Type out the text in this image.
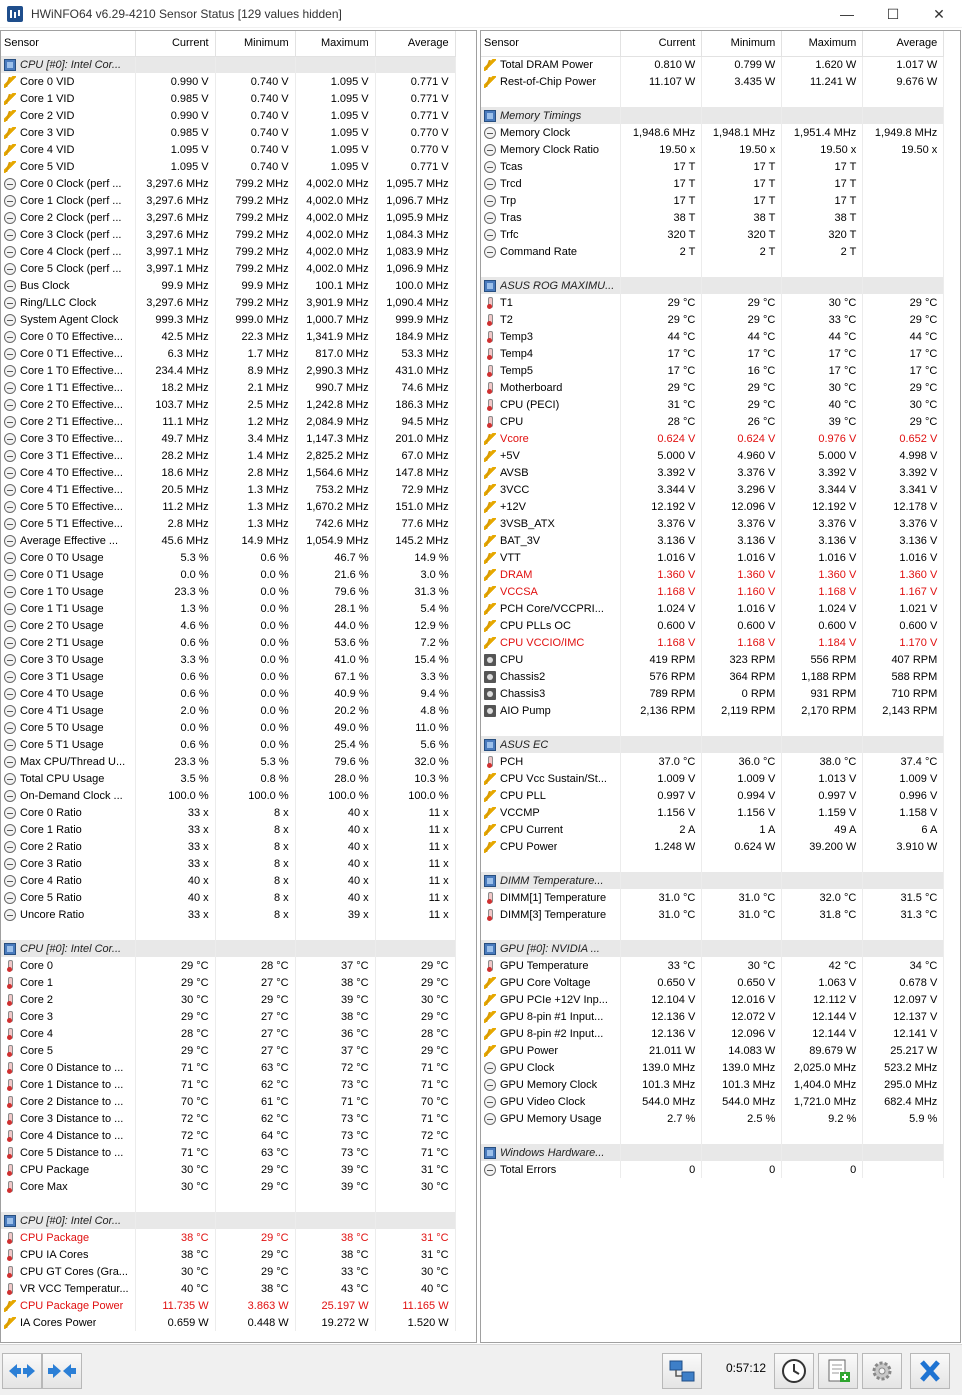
HWiNFO64 v6.29-4210 Sensor Status [129 values hidden]	—	☐	✕
Sensor	Current	Minimum	Maximum	Average

CPU [#0]: Intel Cor...				

Core 0 VID	0.990 V	0.740 V	1.095 V	0.771 V

Core 1 VID	0.985 V	0.740 V	1.095 V	0.771 V

Core 2 VID	0.990 V	0.740 V	1.095 V	0.771 V

Core 3 VID	0.985 V	0.740 V	1.095 V	0.770 V

Core 4 VID	1.095 V	0.740 V	1.095 V	0.770 V

Core 5 VID	1.095 V	0.740 V	1.095 V	0.771 V

Core 0 Clock (perf ...	3,297.6 MHz	799.2 MHz	4,002.0 MHz	1,095.7 MHz

Core 1 Clock (perf ...	3,297.6 MHz	799.2 MHz	4,002.0 MHz	1,096.7 MHz

Core 2 Clock (perf ...	3,297.6 MHz	799.2 MHz	4,002.0 MHz	1,095.9 MHz

Core 3 Clock (perf ...	3,297.6 MHz	799.2 MHz	4,002.0 MHz	1,084.3 MHz

Core 4 Clock (perf ...	3,997.1 MHz	799.2 MHz	4,002.0 MHz	1,083.9 MHz

Core 5 Clock (perf ...	3,997.1 MHz	799.2 MHz	4,002.0 MHz	1,096.9 MHz

Bus Clock	99.9 MHz	99.9 MHz	100.1 MHz	100.0 MHz

Ring/LLC Clock	3,297.6 MHz	799.2 MHz	3,901.9 MHz	1,090.4 MHz

System Agent Clock	999.3 MHz	999.0 MHz	1,000.7 MHz	999.9 MHz

Core 0 T0 Effective...	42.5 MHz	22.3 MHz	1,341.9 MHz	184.9 MHz

Core 0 T1 Effective...	6.3 MHz	1.7 MHz	817.0 MHz	53.3 MHz

Core 1 T0 Effective...	234.4 MHz	8.9 MHz	2,990.3 MHz	431.0 MHz

Core 1 T1 Effective...	18.2 MHz	2.1 MHz	990.7 MHz	74.6 MHz

Core 2 T0 Effective...	103.7 MHz	2.5 MHz	1,242.8 MHz	186.3 MHz

Core 2 T1 Effective...	11.1 MHz	1.2 MHz	2,084.9 MHz	94.5 MHz

Core 3 T0 Effective...	49.7 MHz	3.4 MHz	1,147.3 MHz	201.0 MHz

Core 3 T1 Effective...	28.2 MHz	1.4 MHz	2,825.2 MHz	67.0 MHz

Core 4 T0 Effective...	18.6 MHz	2.8 MHz	1,564.6 MHz	147.8 MHz

Core 4 T1 Effective...	20.5 MHz	1.3 MHz	753.2 MHz	72.9 MHz

Core 5 T0 Effective...	11.2 MHz	1.3 MHz	1,670.2 MHz	151.0 MHz

Core 5 T1 Effective...	2.8 MHz	1.3 MHz	742.6 MHz	77.6 MHz

Average Effective ...	45.6 MHz	14.9 MHz	1,054.9 MHz	145.2 MHz

Core 0 T0 Usage	5.3 %	0.6 %	46.7 %	14.9 %

Core 0 T1 Usage	0.0 %	0.0 %	21.6 %	3.0 %

Core 1 T0 Usage	23.3 %	0.0 %	79.6 %	31.3 %

Core 1 T1 Usage	1.3 %	0.0 %	28.1 %	5.4 %

Core 2 T0 Usage	4.6 %	0.0 %	44.0 %	12.9 %

Core 2 T1 Usage	0.6 %	0.0 %	53.6 %	7.2 %

Core 3 T0 Usage	3.3 %	0.0 %	41.0 %	15.4 %

Core 3 T1 Usage	0.6 %	0.0 %	67.1 %	3.3 %

Core 4 T0 Usage	0.6 %	0.0 %	40.9 %	9.4 %

Core 4 T1 Usage	2.0 %	0.0 %	20.2 %	4.8 %

Core 5 T0 Usage	0.0 %	0.0 %	49.0 %	11.0 %

Core 5 T1 Usage	0.6 %	0.0 %	25.4 %	5.6 %

Max CPU/Thread U...	23.3 %	5.3 %	79.6 %	32.0 %

Total CPU Usage	3.5 %	0.8 %	28.0 %	10.3 %

On-Demand Clock ...	100.0 %	100.0 %	100.0 %	100.0 %

Core 0 Ratio	33 x	8 x	40 x	11 x

Core 1 Ratio	33 x	8 x	40 x	11 x

Core 2 Ratio	33 x	8 x	40 x	11 x

Core 3 Ratio	33 x	8 x	40 x	11 x

Core 4 Ratio	40 x	8 x	40 x	11 x

Core 5 Ratio	40 x	8 x	40 x	11 x

Uncore Ratio	33 x	8 x	39 x	11 x

CPU [#0]: Intel Cor...				

Core 0	29 °C	28 °C	37 °C	29 °C

Core 1	29 °C	27 °C	38 °C	29 °C

Core 2	30 °C	29 °C	39 °C	30 °C

Core 3	29 °C	27 °C	38 °C	29 °C

Core 4	28 °C	27 °C	36 °C	28 °C

Core 5	29 °C	27 °C	37 °C	29 °C

Core 0 Distance to ...	71 °C	63 °C	72 °C	71 °C

Core 1 Distance to ...	71 °C	62 °C	73 °C	71 °C

Core 2 Distance to ...	70 °C	61 °C	71 °C	70 °C

Core 3 Distance to ...	72 °C	62 °C	73 °C	71 °C

Core 4 Distance to ...	72 °C	64 °C	73 °C	72 °C

Core 5 Distance to ...	71 °C	63 °C	73 °C	71 °C

CPU Package	30 °C	29 °C	39 °C	31 °C

Core Max	30 °C	29 °C	39 °C	30 °C

CPU [#0]: Intel Cor...				

CPU Package	38 °C	29 °C	38 °C	31 °C

CPU IA Cores	38 °C	29 °C	38 °C	31 °C

CPU GT Cores (Gra...	30 °C	29 °C	33 °C	30 °C

VR VCC Temperatur...	40 °C	38 °C	43 °C	40 °C

CPU Package Power	11.735 W	3.863 W	25.197 W	11.165 W

IA Cores Power	0.659 W	0.448 W	19.272 W	1.520 W
Sensor	Current	Minimum	Maximum	Average

Total DRAM Power	0.810 W	0.799 W	1.620 W	1.017 W

Rest-of-Chip Power	11.107 W	3.435 W	11.241 W	9.676 W

Memory Timings				

Memory Clock	1,948.6 MHz	1,948.1 MHz	1,951.4 MHz	1,949.8 MHz

Memory Clock Ratio	19.50 x	19.50 x	19.50 x	19.50 x

Tcas	17 T	17 T	17 T	

Trcd	17 T	17 T	17 T	

Trp	17 T	17 T	17 T	

Tras	38 T	38 T	38 T	

Trfc	320 T	320 T	320 T	

Command Rate	2 T	2 T	2 T	

ASUS ROG MAXIMU...				

T1	29 °C	29 °C	30 °C	29 °C

T2	29 °C	29 °C	33 °C	29 °C

Temp3	44 °C	44 °C	44 °C	44 °C

Temp4	17 °C	17 °C	17 °C	17 °C

Temp5	17 °C	16 °C	17 °C	17 °C

Motherboard	29 °C	29 °C	30 °C	29 °C

CPU (PECI)	31 °C	29 °C	40 °C	30 °C

CPU	28 °C	26 °C	39 °C	29 °C

Vcore	0.624 V	0.624 V	0.976 V	0.652 V

+5V	5.000 V	4.960 V	5.000 V	4.998 V

AVSB	3.392 V	3.376 V	3.392 V	3.392 V

3VCC	3.344 V	3.296 V	3.344 V	3.341 V

+12V	12.192 V	12.096 V	12.192 V	12.178 V

3VSB_ATX	3.376 V	3.376 V	3.376 V	3.376 V

BAT_3V	3.136 V	3.136 V	3.136 V	3.136 V

VTT	1.016 V	1.016 V	1.016 V	1.016 V

DRAM	1.360 V	1.360 V	1.360 V	1.360 V

VCCSA	1.168 V	1.160 V	1.168 V	1.167 V

PCH Core/VCCPRI...	1.024 V	1.016 V	1.024 V	1.021 V

CPU PLLs OC	0.600 V	0.600 V	0.600 V	0.600 V

CPU VCCIO/IMC	1.168 V	1.168 V	1.184 V	1.170 V

CPU	419 RPM	323 RPM	556 RPM	407 RPM

Chassis2	576 RPM	364 RPM	1,188 RPM	588 RPM

Chassis3	789 RPM	0 RPM	931 RPM	710 RPM

AIO Pump	2,136 RPM	2,119 RPM	2,170 RPM	2,143 RPM

ASUS EC				

PCH	37.0 °C	36.0 °C	38.0 °C	37.4 °C

CPU Vcc Sustain/St...	1.009 V	1.009 V	1.013 V	1.009 V

CPU PLL	0.997 V	0.994 V	0.997 V	0.996 V

VCCMP	1.156 V	1.156 V	1.159 V	1.158 V

CPU Current	2 A	1 A	49 A	6 A

CPU Power	1.248 W	0.624 W	39.200 W	3.910 W

DIMM Temperature...				

DIMM[1] Temperature	31.0 °C	31.0 °C	32.0 °C	31.5 °C

DIMM[3] Temperature	31.0 °C	31.0 °C	31.8 °C	31.3 °C

GPU [#0]: NVIDIA ...				

GPU Temperature	33 °C	30 °C	42 °C	34 °C

GPU Core Voltage	0.650 V	0.650 V	1.063 V	0.678 V

GPU PCIe +12V Inp...	12.104 V	12.016 V	12.112 V	12.097 V

GPU 8-pin #1 Input...	12.136 V	12.072 V	12.144 V	12.137 V

GPU 8-pin #2 Input...	12.136 V	12.096 V	12.144 V	12.141 V

GPU Power	21.011 W	14.083 W	89.679 W	25.217 W

GPU Clock	139.0 MHz	139.0 MHz	2,025.0 MHz	523.2 MHz

GPU Memory Clock	101.3 MHz	101.3 MHz	1,404.0 MHz	295.0 MHz

GPU Video Clock	544.0 MHz	544.0 MHz	1,721.0 MHz	682.4 MHz

GPU Memory Usage	2.7 %	2.5 %	9.2 %	5.9 %

Windows Hardware...				

Total Errors	0	0	0	
0:57:12
